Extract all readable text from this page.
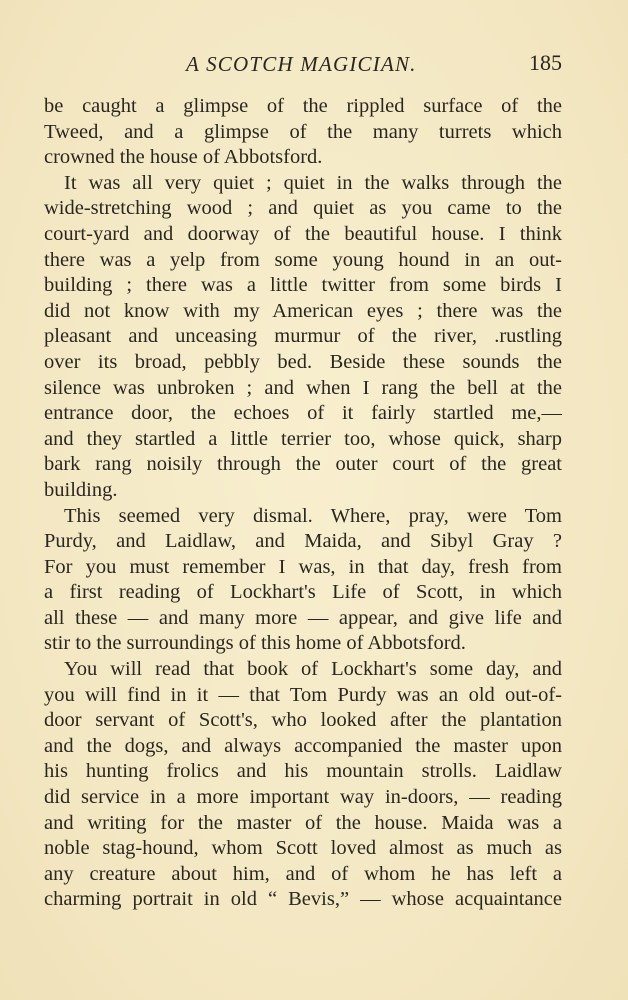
A SCOTCH MAGICIAN.	185
be caught a glimpse of the rippled surface of the
Tweed, and a glimpse of the many turrets which
crowned the house of Abbotsford.
It was all very quiet ; quiet in the walks through the
wide-stretching wood ; and quiet as you came to the
court-yard and doorway of the beautiful house. I think
there was a yelp from some young hound in an out-
building ; there was a little twitter from some birds I
did not know with my American eyes ; there was the
pleasant and unceasing murmur of the river, .rustling
over its broad, pebbly bed. Beside these sounds the
silence was unbroken ; and when I rang the bell at the
entrance door, the echoes of it fairly startled me,—
and they startled a little terrier too, whose quick, sharp
bark rang noisily through the outer court of the great
building.
This seemed very dismal. Where, pray, were Tom
Purdy, and Laidlaw, and Maida, and Sibyl Gray ?
For you must remember I was, in that day, fresh from
a first reading of Lockhart's Life of Scott, in which
all these — and many more — appear, and give life and
stir to the surroundings of this home of Abbotsford.
You will read that book of Lockhart's some day, and
you will find in it — that Tom Purdy was an old out-of-
door servant of Scott's, who looked after the plantation
and the dogs, and always accompanied the master upon
his hunting frolics and his mountain strolls. Laidlaw
did service in a more important way in-doors, — reading
and writing for the master of the house. Maida was a
noble stag-hound, whom Scott loved almost as much as
any creature about him, and of whom he has left a
charming portrait in old “ Bevis,” — whose acquaintance
